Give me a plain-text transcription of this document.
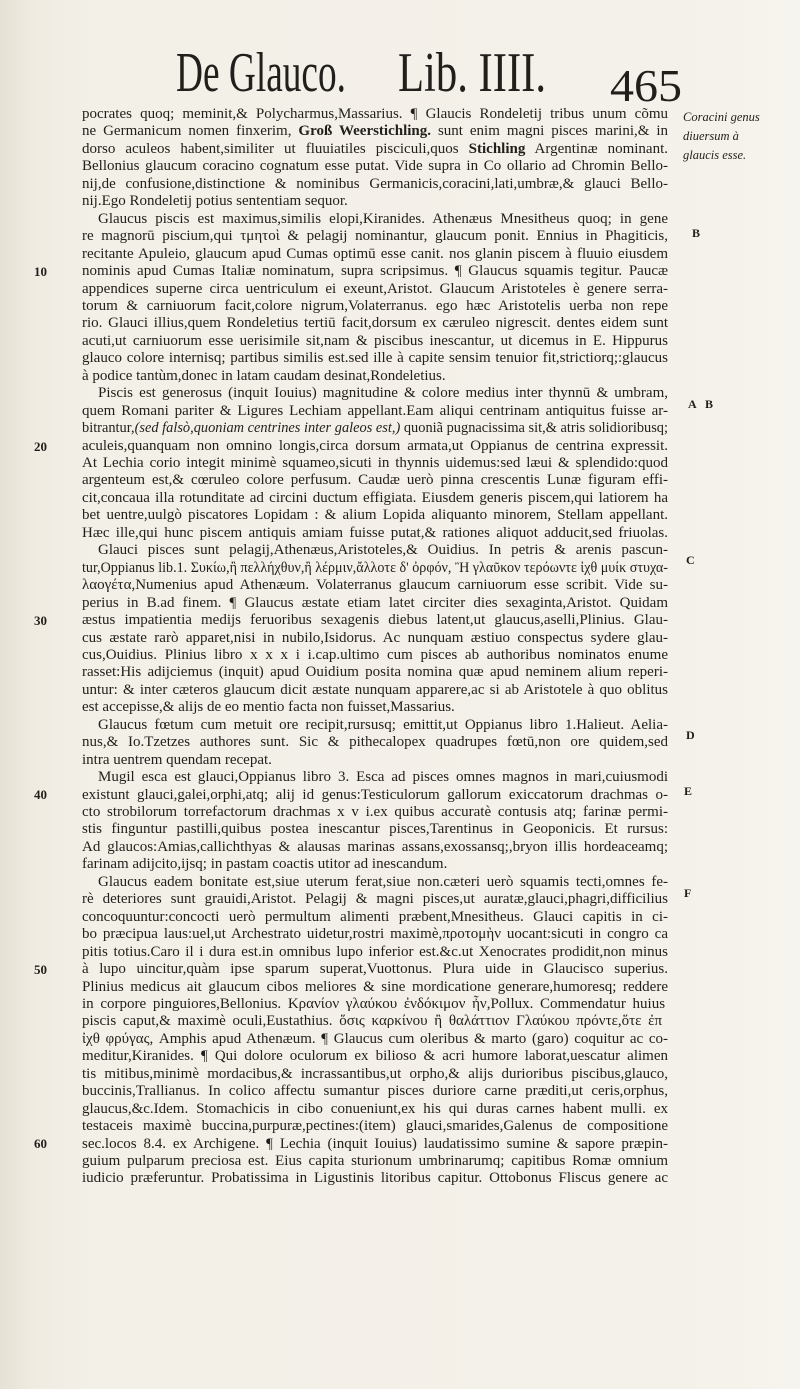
De Glauco. Lib. IIII. 465
Coracini genus
diuersum à
glaucis esse.
B
A  B
C
D
E
F
10
20
30
40
50
60
pocrates quoq; meminit,& Polycharmus,Massarius. ¶ Glaucis Rondeletij tribus unum cõmu
ne Germanicum nomen finxerim, Groß Weerstichling. sunt enim magni pisces marini,& in
dorso aculeos habent,similiter ut fluuiatiles pisciculi,quos Stichling Argentinæ nominant.
Bellonius glaucum coracino cognatum esse putat. Vide supra in Co ollario ad Chromin Bello-
nij,de confusione,distinctione & nominibus Germanicis,coracini,lati,umbræ,& glauci Bello-
nij.Ego Rondeletij potius sententiam sequor.
Glaucus piscis est maximus,similis elopi,Kiranides. Athenæus Mnesitheus quoq; in gene
re magnorū piscium,qui τμητοὶ & pelagij nominantur, glaucum ponit. Ennius in Phagiticis,
recitante Apuleio, glaucum apud Cumas optimū esse canit. nos glanin piscem à fluuio eiusdem
nominis apud Cumas Italiæ nominatum, supra scripsimus. ¶ Glaucus squamis tegitur. Paucæ
appendices superne circa uentriculum ei exeunt,Aristot. Glaucum Aristoteles è genere serra-
torum & carniuorum facit,colore nigrum,Volaterranus. ego hæc Aristotelis uerba non repe
rio. Glauci illius,quem Rondeletius tertiū facit,dorsum ex cæruleo nigrescit. dentes eidem sunt
acuti,ut carniuorum esse uerisimile sit,nam & piscibus inescantur, ut dicemus in E. Hippurus
glauco colore internisq; partibus similis est.sed ille à capite sensim tenuior fit,strictiorq;:glaucus
à podice tantùm,donec in latam caudam desinat,Rondeletius.
Piscis est generosus (inquit Iouius) magnitudine & colore medius inter thynnū & umbram,
quem Romani pariter & Ligures Lechiam appellant.Eam aliqui centrinam antiquitus fuisse ar-
bitrantur,(sed falsò,quoniam centrines inter galeos est,) quoniã pugnacissima sit,& atris solidioribusq;
aculeis,quanquam non omnino longis,circa dorsum armata,ut Oppianus de centrina expressit.
At Lechia corio integit minimè squameo,sicuti in thynnis uidemus:sed læui & splendido:quod
argenteum est,& cœruleo colore perfusum. Caudæ uerò pinna crescentis Lunæ figuram effi-
cit,concaua illa rotunditate ad circini ductum effigiata. Eiusdem generis piscem,qui latiorem ha
bet uentre,uulgò piscatores Lopidam : & alium Lopida aliquanto minorem, Stellam appellant.
Hæc ille,qui hunc piscem antiquis amiam fuisse putat,& rationes aliquot adducit,sed friuolas.
Glauci pisces sunt pelagij,Athenæus,Aristoteles,& Ouidius. In petris & arenis pascun-
tur,Oppianus lib.1. Συκίω,ἢ πελλήχθυν,ἢ λέρμιν,ἄλλοτε δ' ὀρφόν, Ἢ γλαῦκον τερόωντε ἰχθ μυίκ στυχα-
λαογέτα,Numenius apud Athenæum. Volaterranus glaucum carniuorum esse scribit. Vide su-
perius in B.ad finem. ¶ Glaucus æstate etiam latet circiter dies sexaginta,Aristot. Quidam
æstus impatientia medijs feruoribus sexagenis diebus latent,ut glaucus,aselli,Plinius. Glau-
cus æstate rarò apparet,nisi in nubilo,Isidorus. Ac nunquam æstiuo conspectus sydere glau-
cus,Ouidius. Plinius libro x x x i i.cap.ultimo cum pisces ab authoribus nominatos enume
rasset:His adijciemus (inquit) apud Ouidium posita nomina quæ apud neminem alium reperi-
untur: & inter cæteros glaucum dicit æstate nunquam apparere,ac si ab Aristotele à quo oblitus
est accepisse,& alijs de eo mentio facta non fuisset,Massarius.
Glaucus fœtum cum metuit ore recipit,rursusq; emittit,ut Oppianus libro 1.Halieut. Aelia-
nus,& Io.Tzetzes authores sunt. Sic & pithecalopex quadrupes fœtū,non ore quidem,sed
intra uentrem quendam recepat.
Mugil esca est glauci,Oppianus libro 3. Esca ad pisces omnes magnos in mari,cuiusmodi
existunt glauci,galei,orphi,atq; alij id genus:Testiculorum gallorum exiccatorum drachmas o-
cto strobilorum torrefactorum drachmas x v i.ex quibus accuratè contusis atq; farinæ permi-
stis finguntur pastilli,quibus postea inescantur pisces,Tarentinus in Geoponicis. Et rursus:
Ad glaucos:Amias,callichthyas & alausas marinas assans,exossansq;,bryon illis hordeaceamq;
farinam adijcito,ijsq; in pastam coactis utitor ad inescandum.
Glaucus eadem bonitate est,siue uterum ferat,siue non.cæteri uerò squamis tecti,omnes fe-
rè deteriores sunt grauidi,Aristot. Pelagij & magni pisces,ut auratæ,glauci,phagri,difficilius
concoquuntur:concocti uerò permultum alimenti præbent,Mnesitheus. Glauci capitis in ci-
bo præcipua laus:uel,ut Archestrato uidetur,rostri maximè,προτομὴν uocant:sicuti in congro ca
pitis totius.Caro il i dura est.in omnibus lupo inferior est.&c.ut Xenocrates prodidit,non minus
à lupo uincitur,quàm ipse sparum superat,Vuottonus. Plura uide in Glaucisco superius.
Plinius medicus ait glaucum cibos meliores & sine mordicatione generare,humoresq; reddere
in corpore pinguiores,Bellonius. Κρανίον γλαύκου ἐνδόκιμον ἦν,Pollux. Commendatur huius
piscis caput,& maximè oculi,Eustathius. ὅσις καρκίνου ἢ θαλάττιον Γλαύκου πρόντε,ὅτε ἐπ
ἰχθ φρύγας, Amphis apud Athenæum. ¶ Glaucus cum oleribus & marto (garo) coquitur ac co-
meditur,Kiranides. ¶ Qui dolore oculorum ex bilioso & acri humore laborat,uescatur alimen
tis mitibus,minimè mordacibus,& incrassantibus,ut orpho,& alijs durioribus piscibus,glauco,
buccinis,Trallianus. In colico affectu sumantur pisces duriore carne præditi,ut ceris,orphus,
glaucus,&c.Idem. Stomachicis in cibo conueniunt,ex his qui duras carnes habent mulli. ex
testaceis maximè buccina,purpuræ,pectines:(item) glauci,smarides,Galenus de compositione
sec.locos 8.4. ex Archigene. ¶ Lechia (inquit Iouius) laudatissimo sumine & sapore præpin-
guium pulparum preciosa est. Eius capita sturionum umbrinarumq; capitibus Romæ omnium
iudicio præferuntur. Probatissima in Ligustinis litoribus capitur. Ottobonus Fliscus genere ac
